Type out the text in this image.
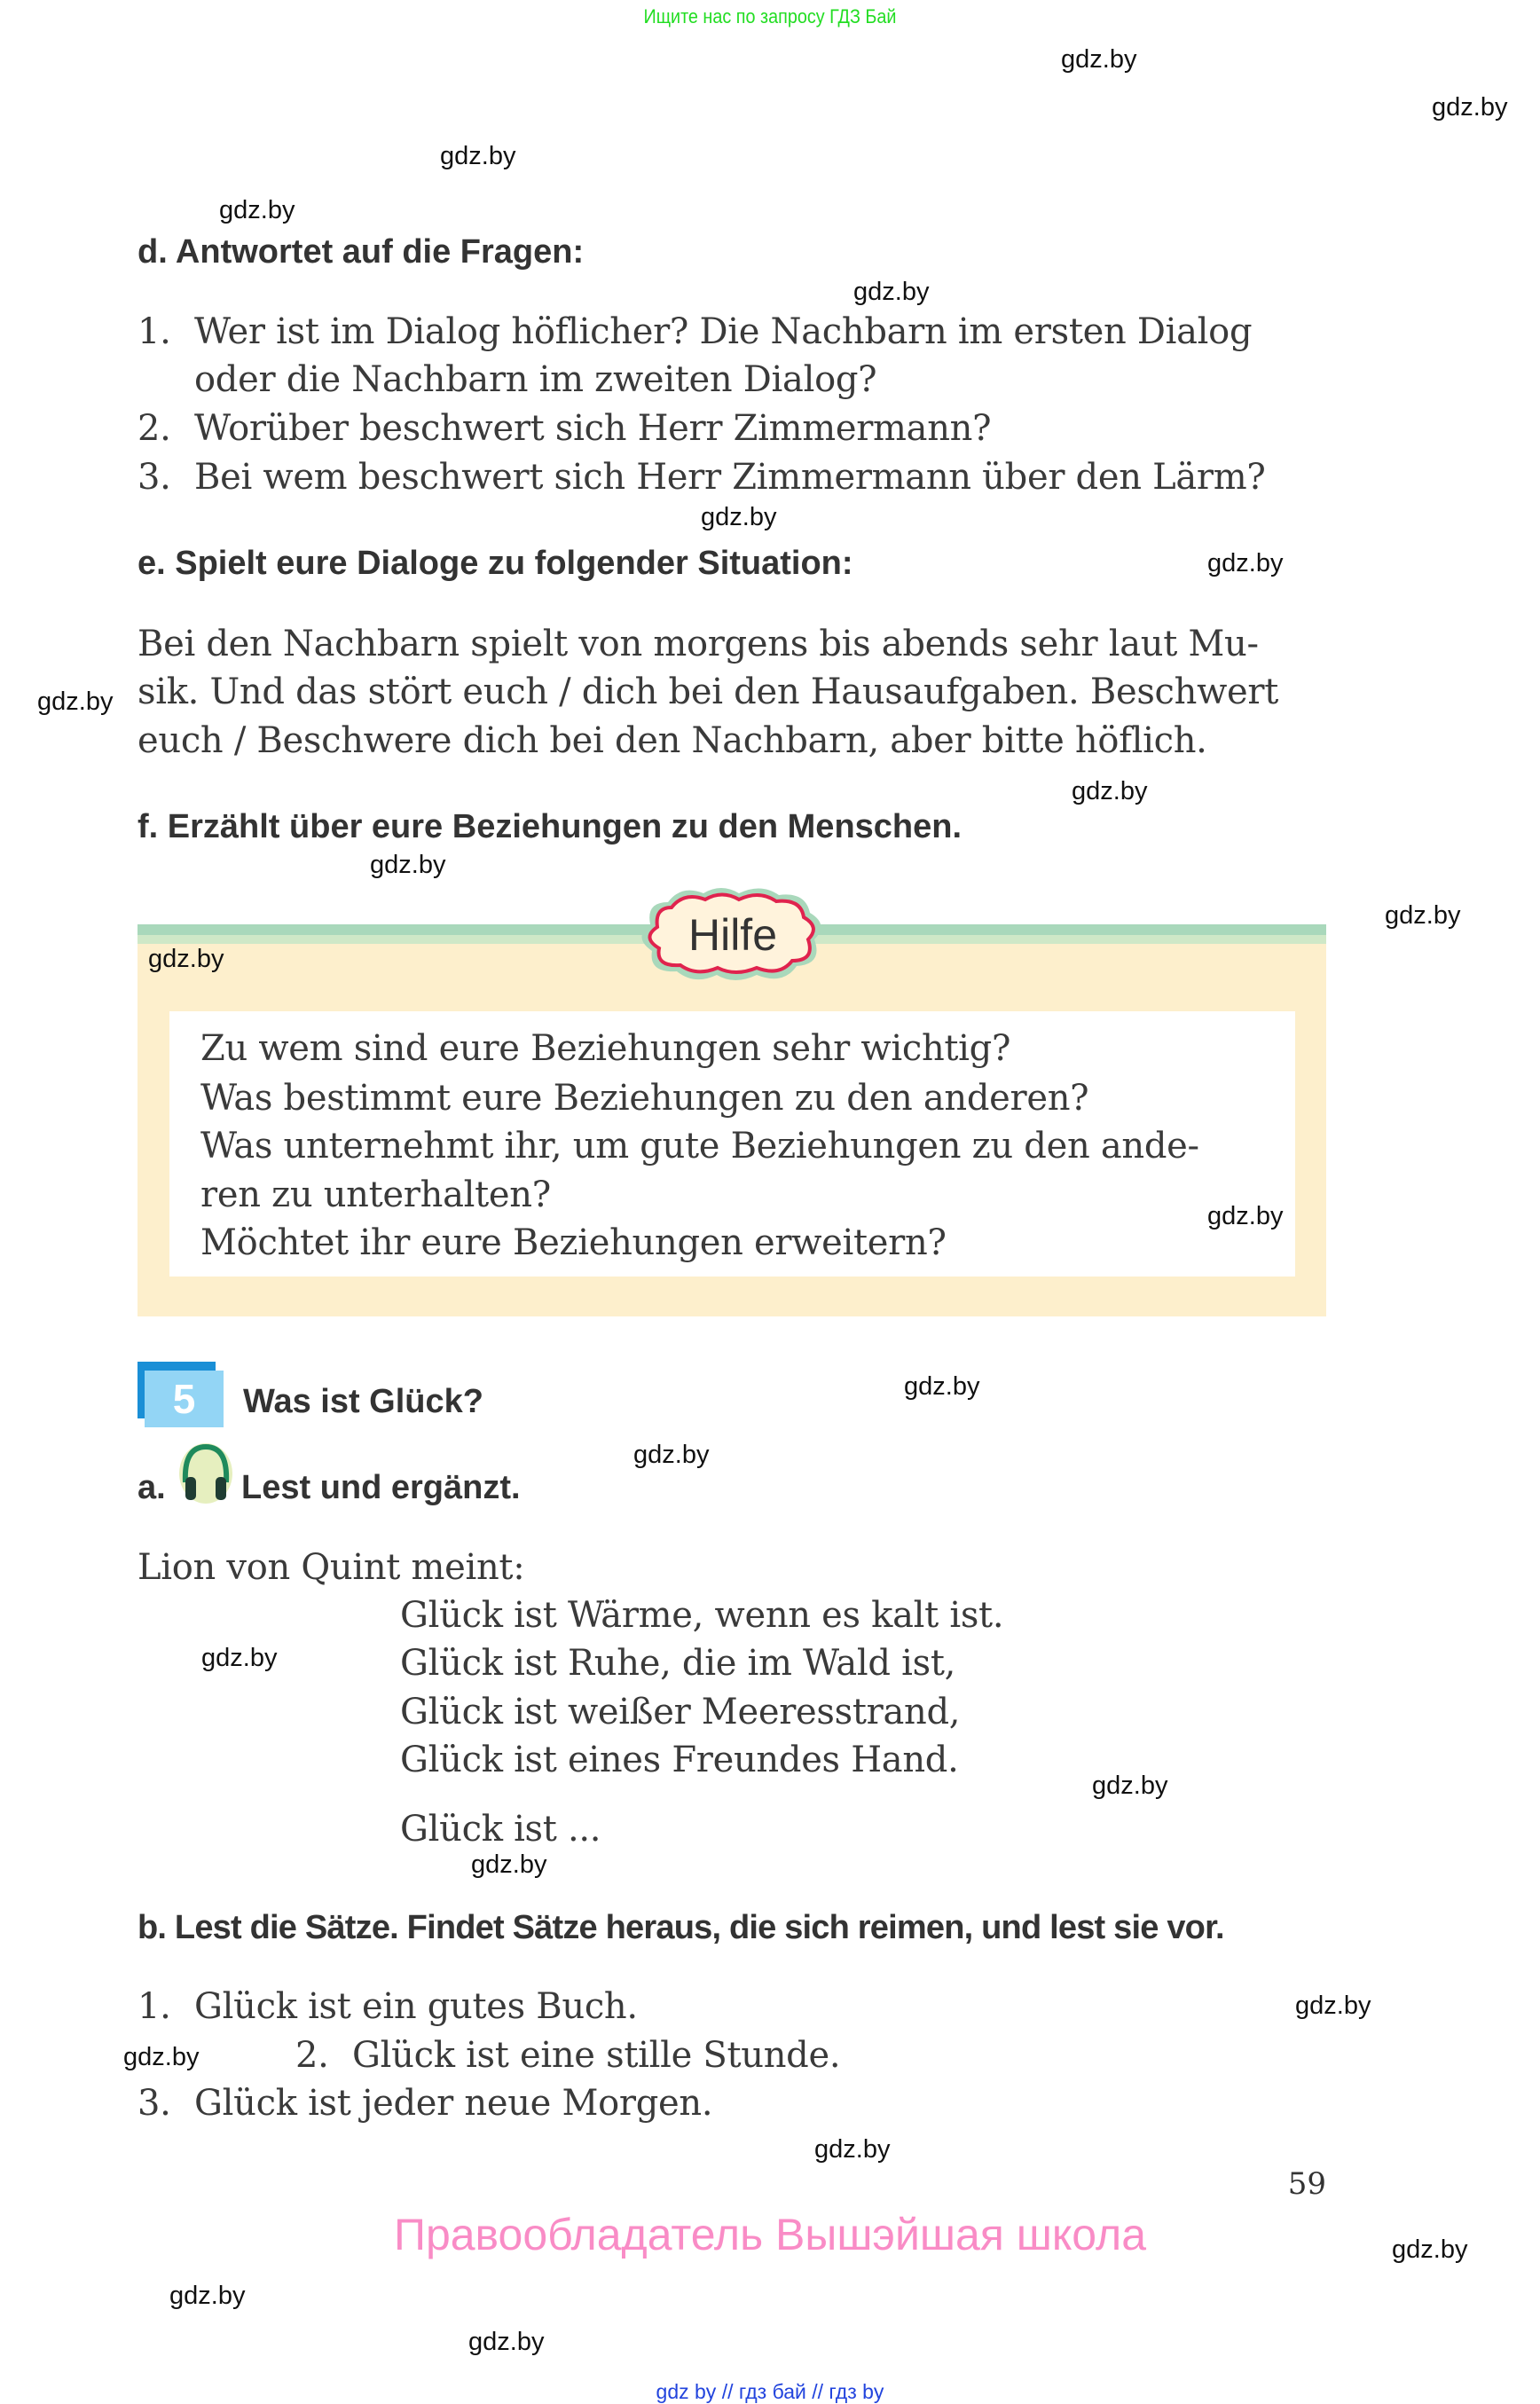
Ищите нас по запросу ГДЗ Бай
gdz.by
gdz.by
gdz.by
gdz.by
gdz.by
gdz.by
gdz.by
gdz.by
gdz.by
gdz.by
gdz.by
d. Antwortet auf die Fragen:
1. Wer ist im Dialog höflicher? Die Nachbarn im ersten Dialog
oder die Nachbarn im zweiten Dialog?
2. Worüber beschwert sich Herr Zimmermann?
3. Bei wem beschwert sich Herr Zimmermann über den Lärm?
e. Spielt eure Dialoge zu folgender Situation:
Bei den Nachbarn spielt von morgens bis abends sehr laut Mu-
sik. Und das stört euch / dich bei den Hausaufgaben. Beschwert
euch / Beschwere dich bei den Nachbarn, aber bitte höflich.
f. Erzählt über eure Beziehungen zu den Menschen.
Hilfe
gdz.by
Zu wem sind eure Beziehungen sehr wichtig?
Was bestimmt eure Beziehungen zu den anderen?
Was unternehmt ihr, um gute Beziehungen zu den ande-
ren zu unterhalten?
Möchtet ihr eure Beziehungen erweitern?
gdz.by
5	Was ist Glück?	gdz.by
gdz.by
a. Lest und ergänzt.
Lion von Quint meint:
Glück ist Wärme, wenn es kalt ist.
Glück ist Ruhe, die im Wald ist,
Glück ist weißer Meeresstrand,
Glück ist eines Freundes Hand.
Glück ist ...
gdz.by
gdz.by
gdz.by
b. Lest die Sätze. Findet Sätze heraus, die sich reimen, und lest sie vor.
1. Glück ist ein gutes Buch.
2. Glück ist eine stille Stunde.
3. Glück ist jeder neue Morgen.
gdz.by
gdz.by
gdz.by
59
Правообладатель Вышэйшая школа	gdz.by
gdz.by
gdz.by
gdz by // гдз бай // гдз by
